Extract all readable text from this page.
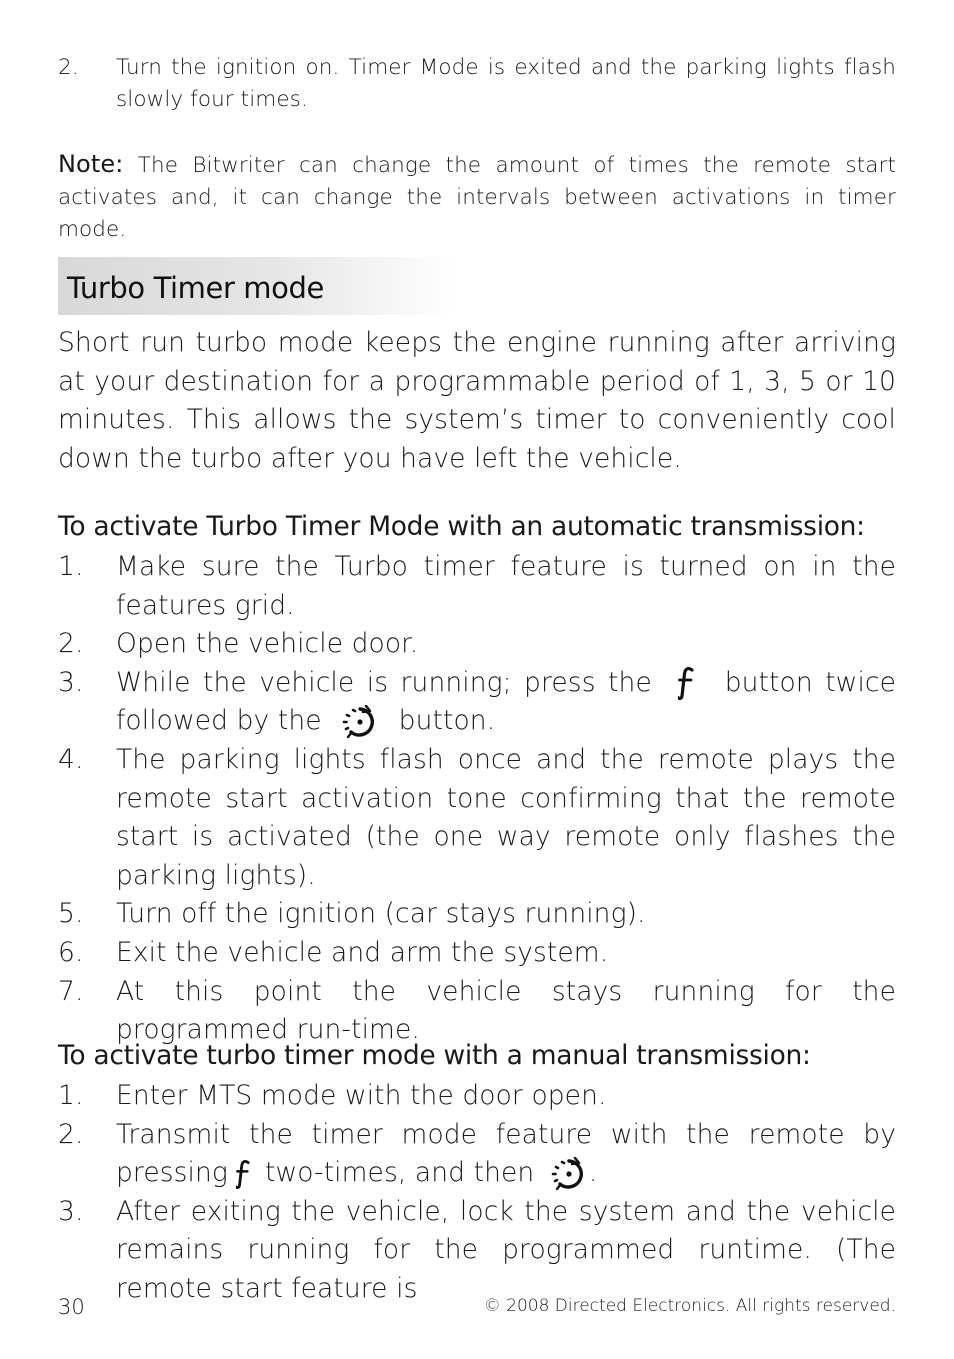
2. Turn the ignition on. Timer Mode is exited and the parking lights flash slowly four times.
Note: The Bitwriter can change the amount of times the remote start activates and, it can change the intervals between activations in timer mode.
Turbo Timer mode
Short run turbo mode keeps the engine running after arriving at your destination for a programmable period of 1, 3, 5 or 10 minutes. This allows the system’s timer to conveniently cool down the turbo after you have left the vehicle.
To activate Turbo Timer Mode with an automatic transmission:
1. Make sure the Turbo timer feature is turned on in the features grid.
2. Open the vehicle door.
3. While the vehicle is running; press the
button twice followed by the
button.
4. The parking lights flash once and the remote plays the remote start activation tone confirming that the remote start is activated (the one way remote only flashes the parking lights).
5. Turn off the ignition (car stays running).
6. Exit the vehicle and arm the system.
7. At this point the vehicle stays running for the programmed run-time.
To activate turbo timer mode with a manual transmission:
1. Enter MTS mode with the door open.
2. Transmit the timer mode feature with the remote by pressing
two-times, and then
.
3. After exiting the vehicle, lock the system and the vehicle remains running for the programmed runtime. (The remote start feature is
30	© 2008 Directed Electronics. All rights reserved.
